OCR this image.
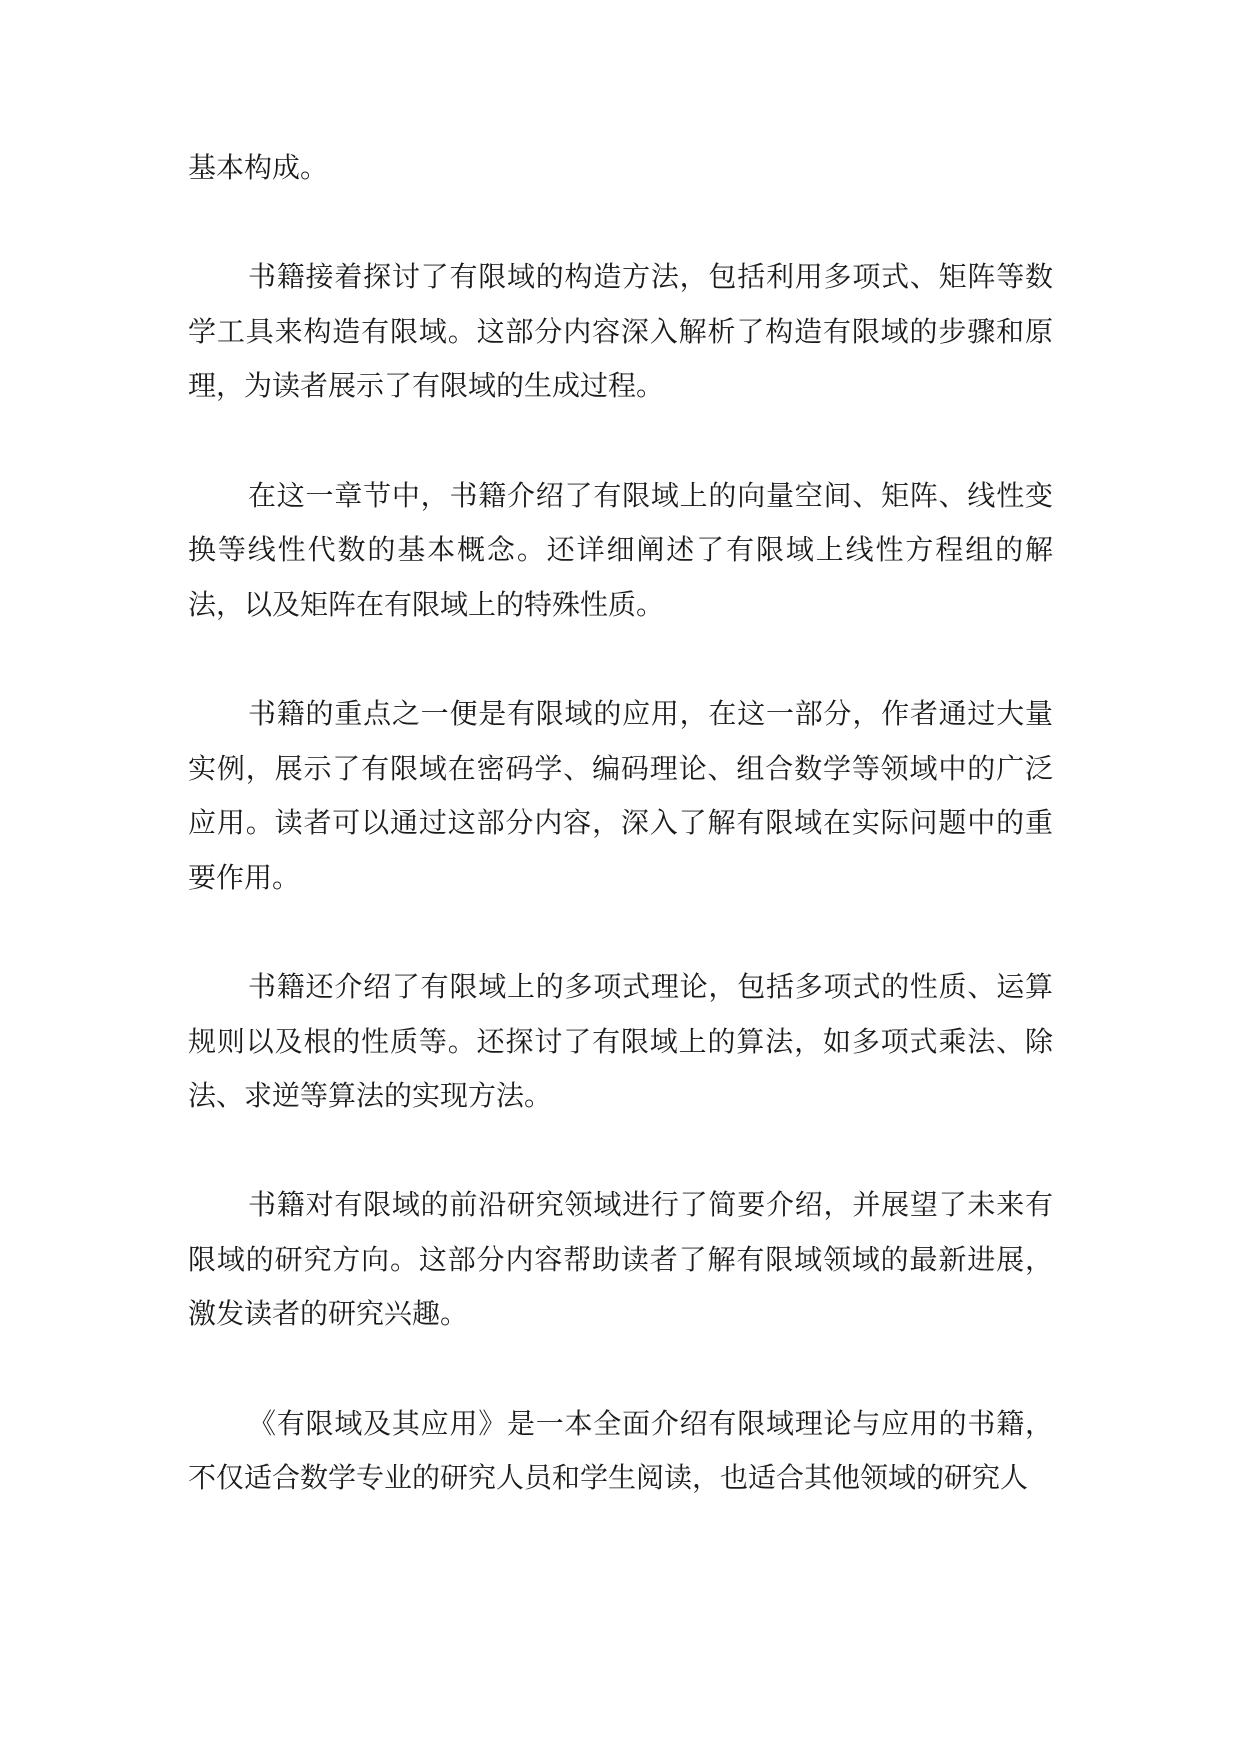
基本构成。

书籍接着探讨了有限域的构造方法，包括利用多项式、矩阵等数学工具来构造有限域。这部分内容深入解析了构造有限域的步骤和原理，为读者展示了有限域的生成过程。

在这一章节中，书籍介绍了有限域上的向量空间、矩阵、线性变换等线性代数的基本概念。还详细阐述了有限域上线性方程组的解法，以及矩阵在有限域上的特殊性质。

书籍的重点之一便是有限域的应用，在这一部分，作者通过大量实例，展示了有限域在密码学、编码理论、组合数学等领域中的广泛应用。读者可以通过这部分内容，深入了解有限域在实际问题中的重要作用。

书籍还介绍了有限域上的多项式理论，包括多项式的性质、运算规则以及根的性质等。还探讨了有限域上的算法，如多项式乘法、除法、求逆等算法的实现方法。

书籍对有限域的前沿研究领域进行了简要介绍，并展望了未来有限域的研究方向。这部分内容帮助读者了解有限域领域的最新进展，激发读者的研究兴趣。

《有限域及其应用》是一本全面介绍有限域理论与应用的书籍，不仅适合数学专业的研究人员和学生阅读，也适合其他领域的研究人
